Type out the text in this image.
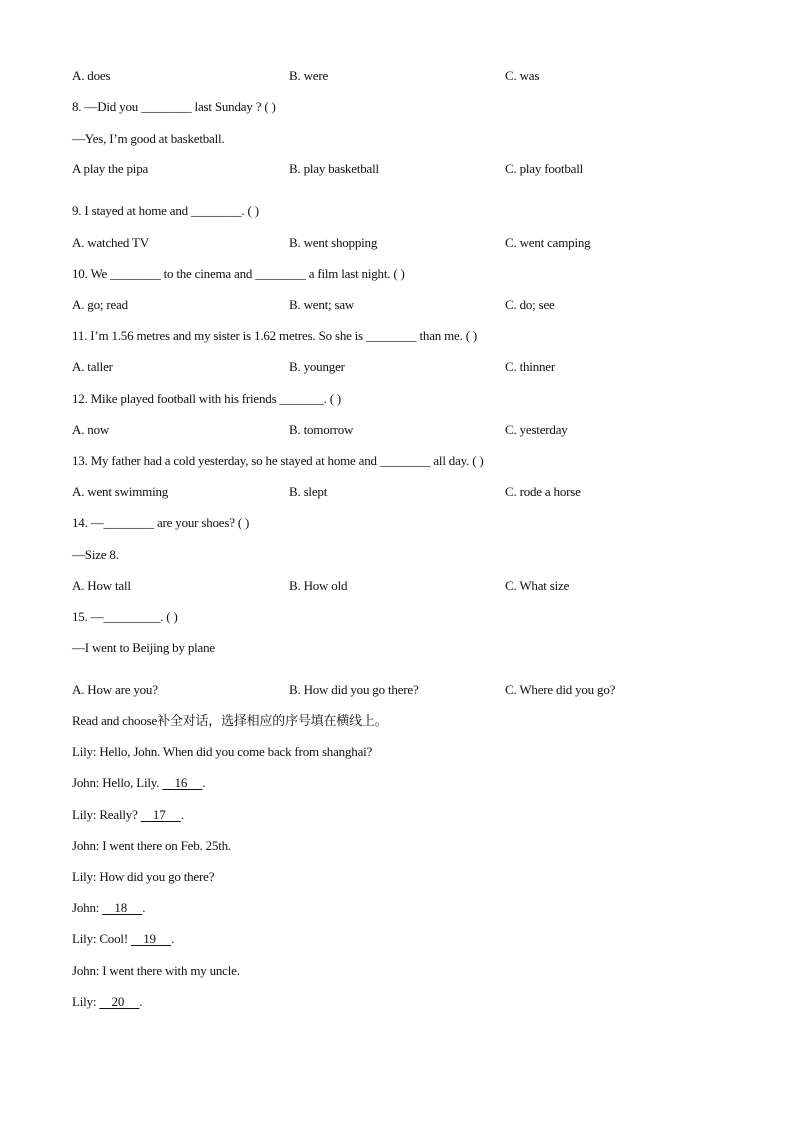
A. does	B. were	C. was
8. —Did you ________ last Sunday ? ( )
—Yes, I’m good at basketball.
A play the pipa	B. play basketball	C. play football
9. I stayed at home and ________. ( )
A. watched TV	B. went shopping	C. went camping
10. We ________ to the cinema and ________ a film last night. ( )
A. go; read	B. went; saw	C. do; see
11. I’m 1.56 metres and my sister is 1.62 metres. So she is ________ than me. ( )
A. taller	B. younger	C. thinner
12. Mike played football with his friends _______. ( )
A. now	B. tomorrow	C. yesterday
13. My father had a cold yesterday, so he stayed at home and ________ all day. ( )
A. went swimming	B. slept	C. rode a horse
14. —________ are your shoes? ( )
—Size 8.
A. How tall	B. How old	C. What size
15. —_________. ( )
—I went to Beijing by plane
A. How are you?	B. How did you go there?	C. Where did you go?
Read and choose补全对话，选择相应的序号填在横线上。
Lily: Hello, John. When did you come back from shanghai?
John: Hello, Lily.     16     .
Lily: Really?     17     .
John: I went there on Feb. 25th.
Lily: How did you go there?
John:     18     .
Lily: Cool!     19     .
John: I went there with my uncle.
Lily:     20     .
